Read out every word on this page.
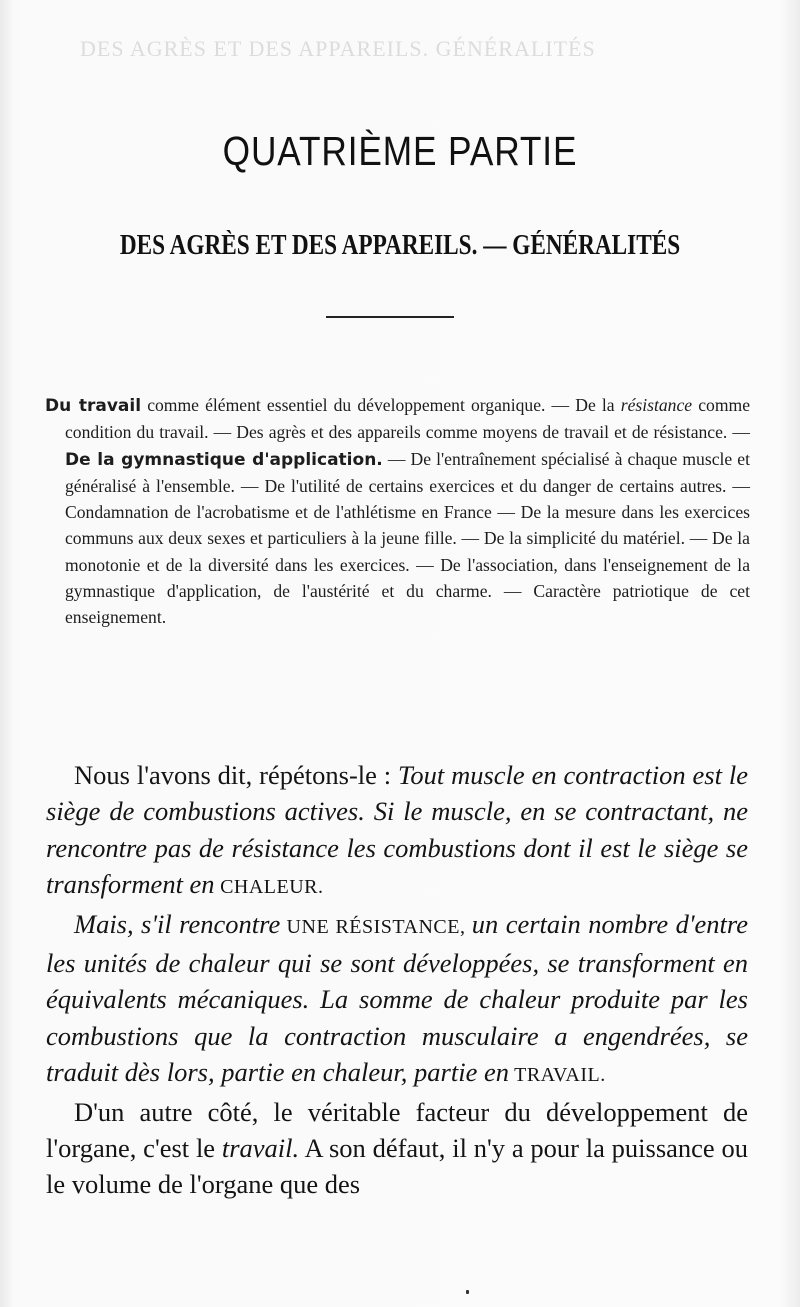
DES AGRÈS ET DES APPAREILS. GÉNÉRALITÉS
QUATRIÈME PARTIE
DES AGRÈS ET DES APPAREILS. — GÉNÉRALITÉS
Du travail comme élément essentiel du développement organique. — De la résistance comme condition du travail. — Des agrès et des appareils comme moyens de travail et de résistance. — De la gymnastique d'application. — De l'entraînement spécialisé à chaque muscle et généralisé à l'ensemble. — De l'utilité de certains exercices et du danger de certains autres. — Condamnation de l'acrobatisme et de l'athlétisme en France — De la mesure dans les exercices communs aux deux sexes et particuliers à la jeune fille. — De la simplicité du matériel. — De la monotonie et de la diversité dans les exercices. — De l'association, dans l'enseignement de la gymnastique d'application, de l'austérité et du charme. — Caractère patriotique de cet enseignement.

Nous l'avons dit, répétons-le : Tout muscle en contraction est le siège de combustions actives. Si le muscle, en se contractant, ne rencontre pas de résistance les combustions dont il est le siège se transforment en CHALEUR.

Mais, s'il rencontre UNE RÉSISTANCE, un certain nombre d'entre les unités de chaleur qui se sont développées, se transforment en équivalents mécaniques. La somme de chaleur produite par les combustions que la contraction musculaire a engendrées, se traduit dès lors, partie en chaleur, partie en TRAVAIL.

D'un autre côté, le véritable facteur du développement de l'organe, c'est le travail. A son défaut, il n'y a pour la puissance ou le volume de l'organe que des
